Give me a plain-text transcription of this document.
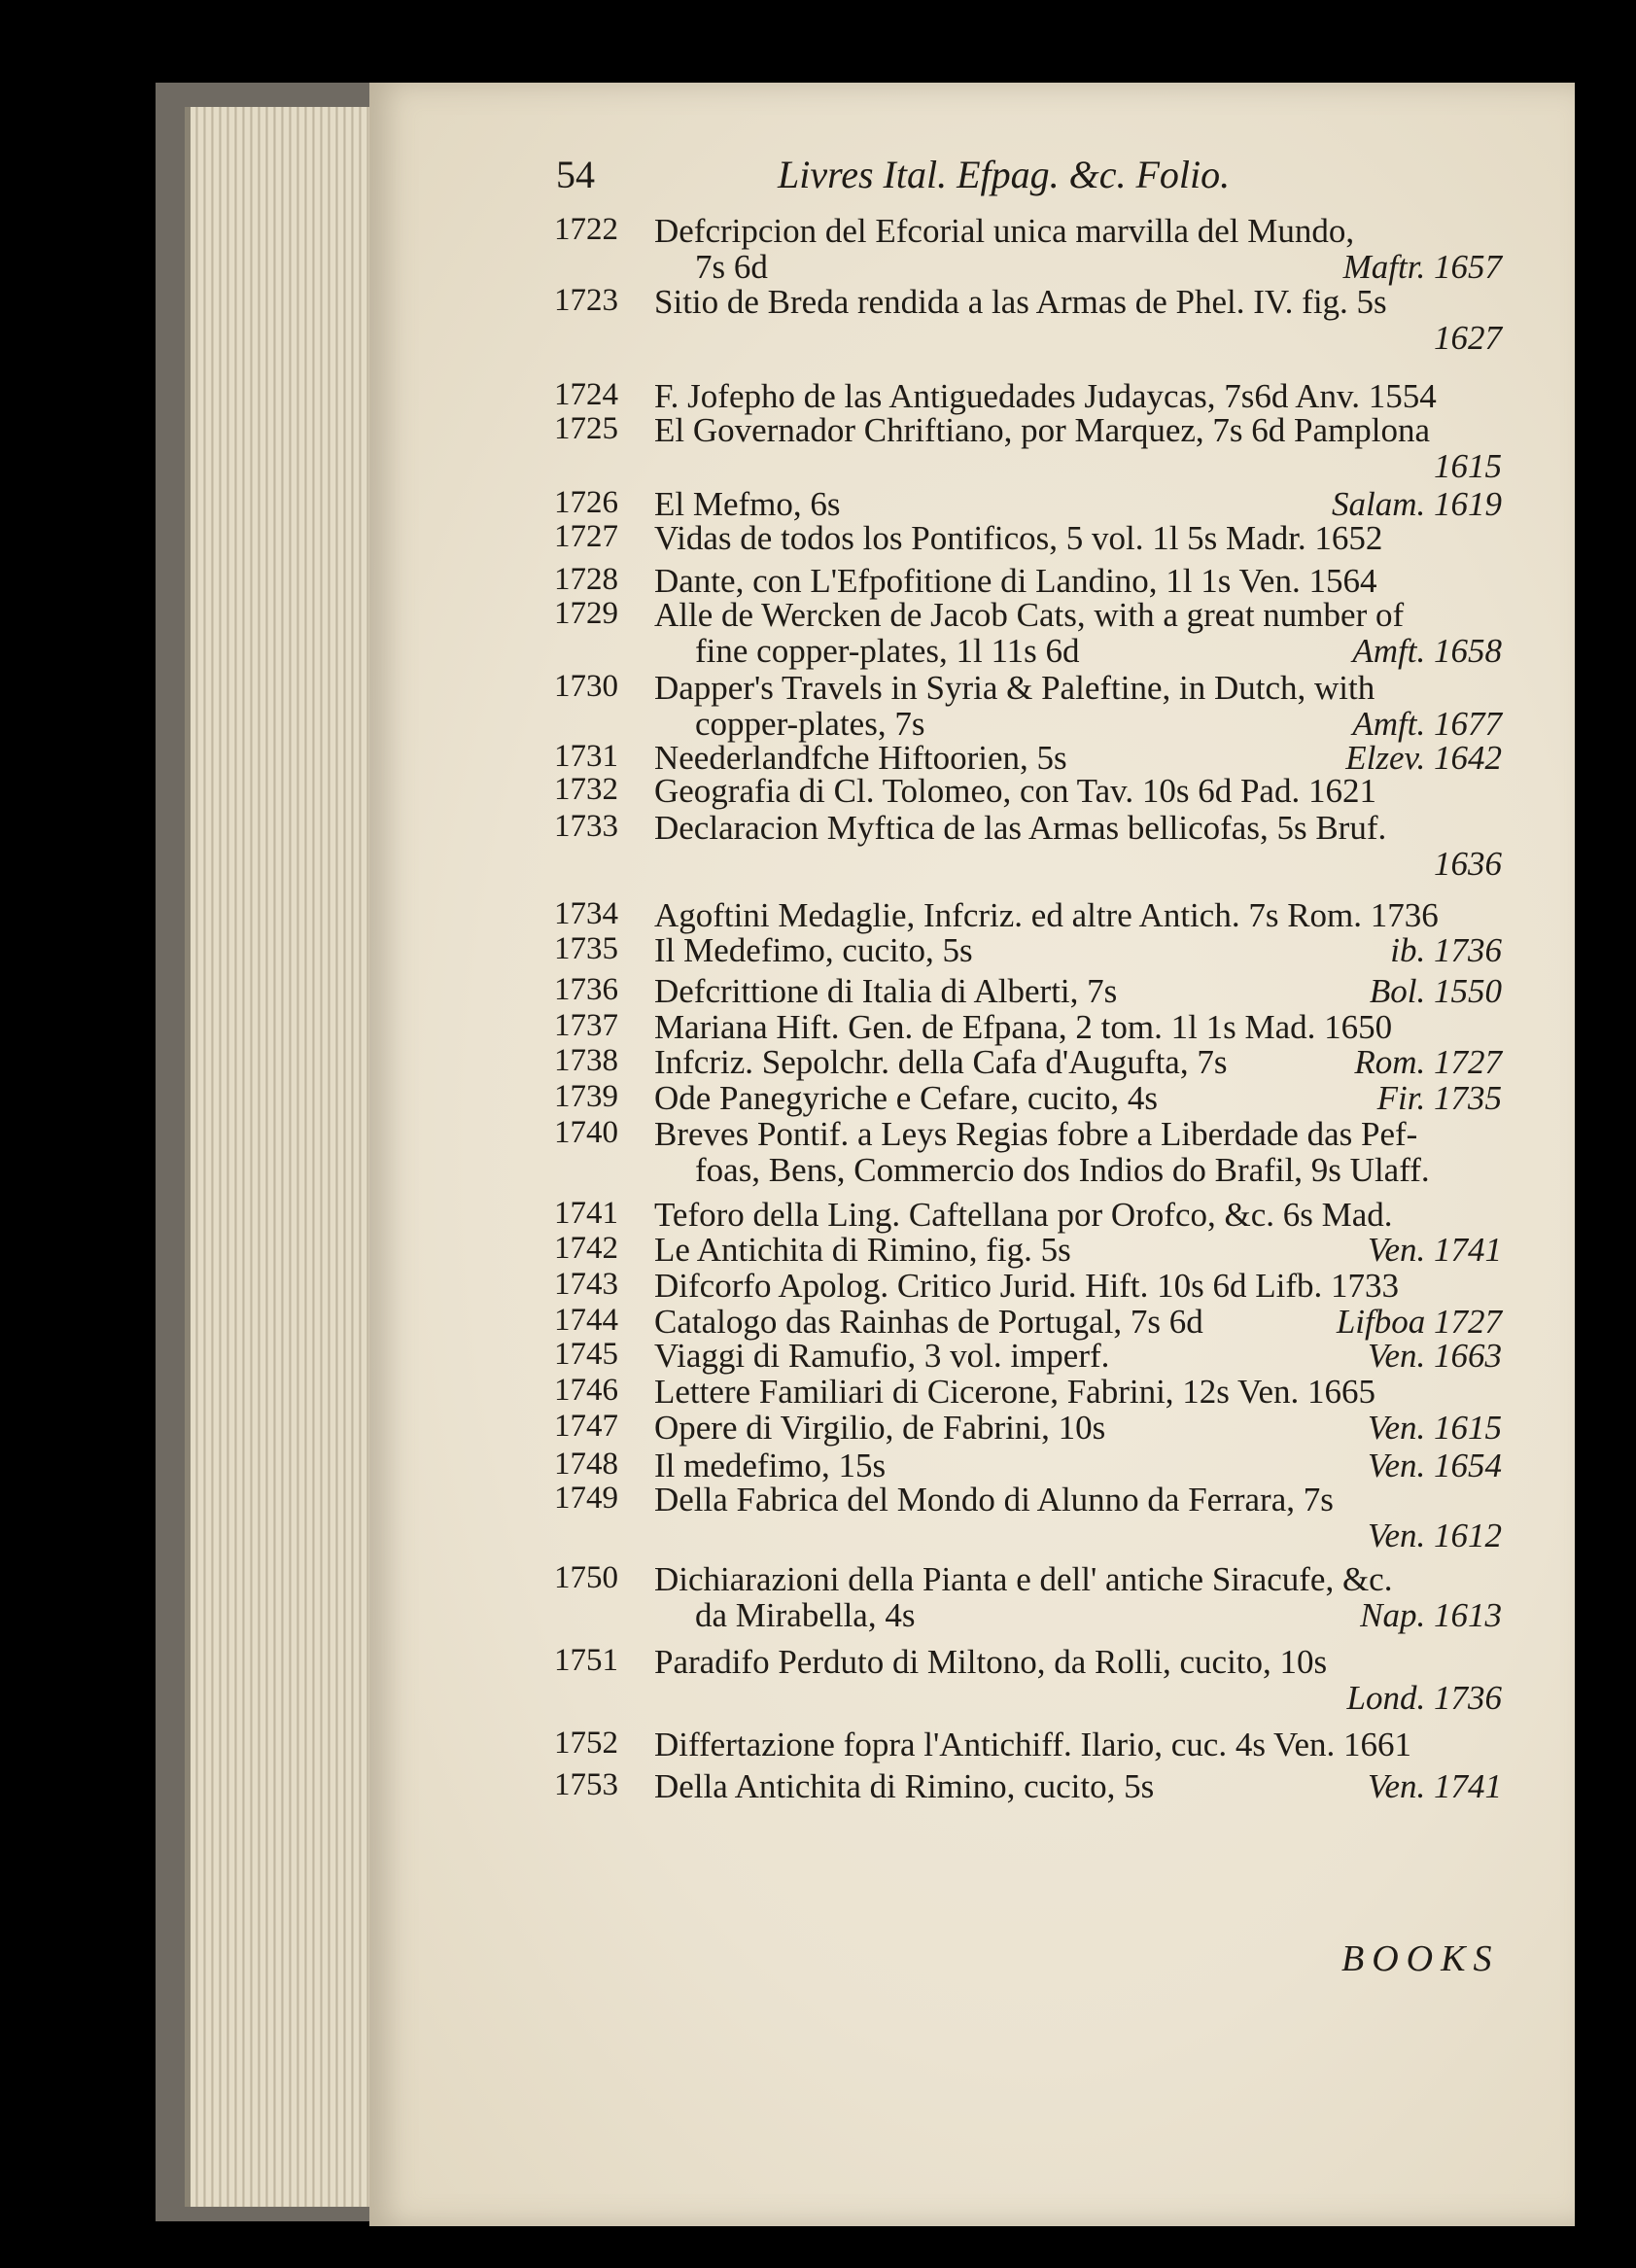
54	Livres Ital. Efpag. &c. Folio.
1722 Defcripcion del Efcorial unica marvilla del Mundo,
7s 6d	Maftr. 1657
1723 Sitio de Breda rendida a las Armas de Phel. IV. fig. 5s
1627
1724 F. Jofepho de las Antiguedades Judaycas, 7s6d Anv. 1554
1725 El Governador Chriftiano, por Marquez, 7s 6d Pamplona
1615
1726 El Mefmo, 6s	Salam. 1619
1727 Vidas de todos los Pontificos, 5 vol. 1l 5s Madr. 1652
1728 Dante, con L'Efpofitione di Landino, 1l 1s Ven. 1564
1729 Alle de Wercken de Jacob Cats, with a great number of
fine copper-plates, 1l 11s 6d	Amft. 1658
1730 Dapper's Travels in Syria & Paleftine, in Dutch, with
copper-plates, 7s	Amft. 1677
1731 Neederlandfche Hiftoorien, 5s	Elzev. 1642
1732 Geografia di Cl. Tolomeo, con Tav. 10s 6d Pad. 1621
1733 Declaracion Myftica de las Armas bellicofas, 5s Bruf.
1636
1734 Agoftini Medaglie, Infcriz. ed altre Antich. 7s Rom. 1736
1735 Il Medefimo, cucito, 5s	ib. 1736
1736 Defcrittione di Italia di Alberti, 7s	Bol. 1550
1737 Mariana Hift. Gen. de Efpana, 2 tom. 1l 1s Mad. 1650
1738 Infcriz. Sepolchr. della Cafa d'Augufta, 7s	Rom. 1727
1739 Ode Panegyriche e Cefare, cucito, 4s	Fir. 1735
1740 Breves Pontif. a Leys Regias fobre a Liberdade das Pef-
foas, Bens, Commercio dos Indios do Brafil, 9s Ulaff.
1741 Teforo della Ling. Caftellana por Orofco, &c. 6s Mad.
1742 Le Antichita di Rimino, fig. 5s	Ven. 1741
1743 Difcorfo Apolog. Critico Jurid. Hift. 10s 6d Lifb. 1733
1744 Catalogo das Rainhas de Portugal, 7s 6d	Lifboa 1727
1745 Viaggi di Ramufio, 3 vol. imperf.	Ven. 1663
1746 Lettere Familiari di Cicerone, Fabrini, 12s Ven. 1665
1747 Opere di Virgilio, de Fabrini, 10s	Ven. 1615
1748 Il medefimo, 15s	Ven. 1654
1749 Della Fabrica del Mondo di Alunno da Ferrara, 7s
Ven. 1612
1750 Dichiarazioni della Pianta e dell' antiche Siracufe, &c.
da Mirabella, 4s	Nap. 1613
1751 Paradifo Perduto di Miltono, da Rolli, cucito, 10s
Lond. 1736
1752 Differtazione fopra l'Antichiff. Ilario, cuc. 4s Ven. 1661
1753 Della Antichita di Rimino, cucito, 5s	Ven. 1741
BOOKS
